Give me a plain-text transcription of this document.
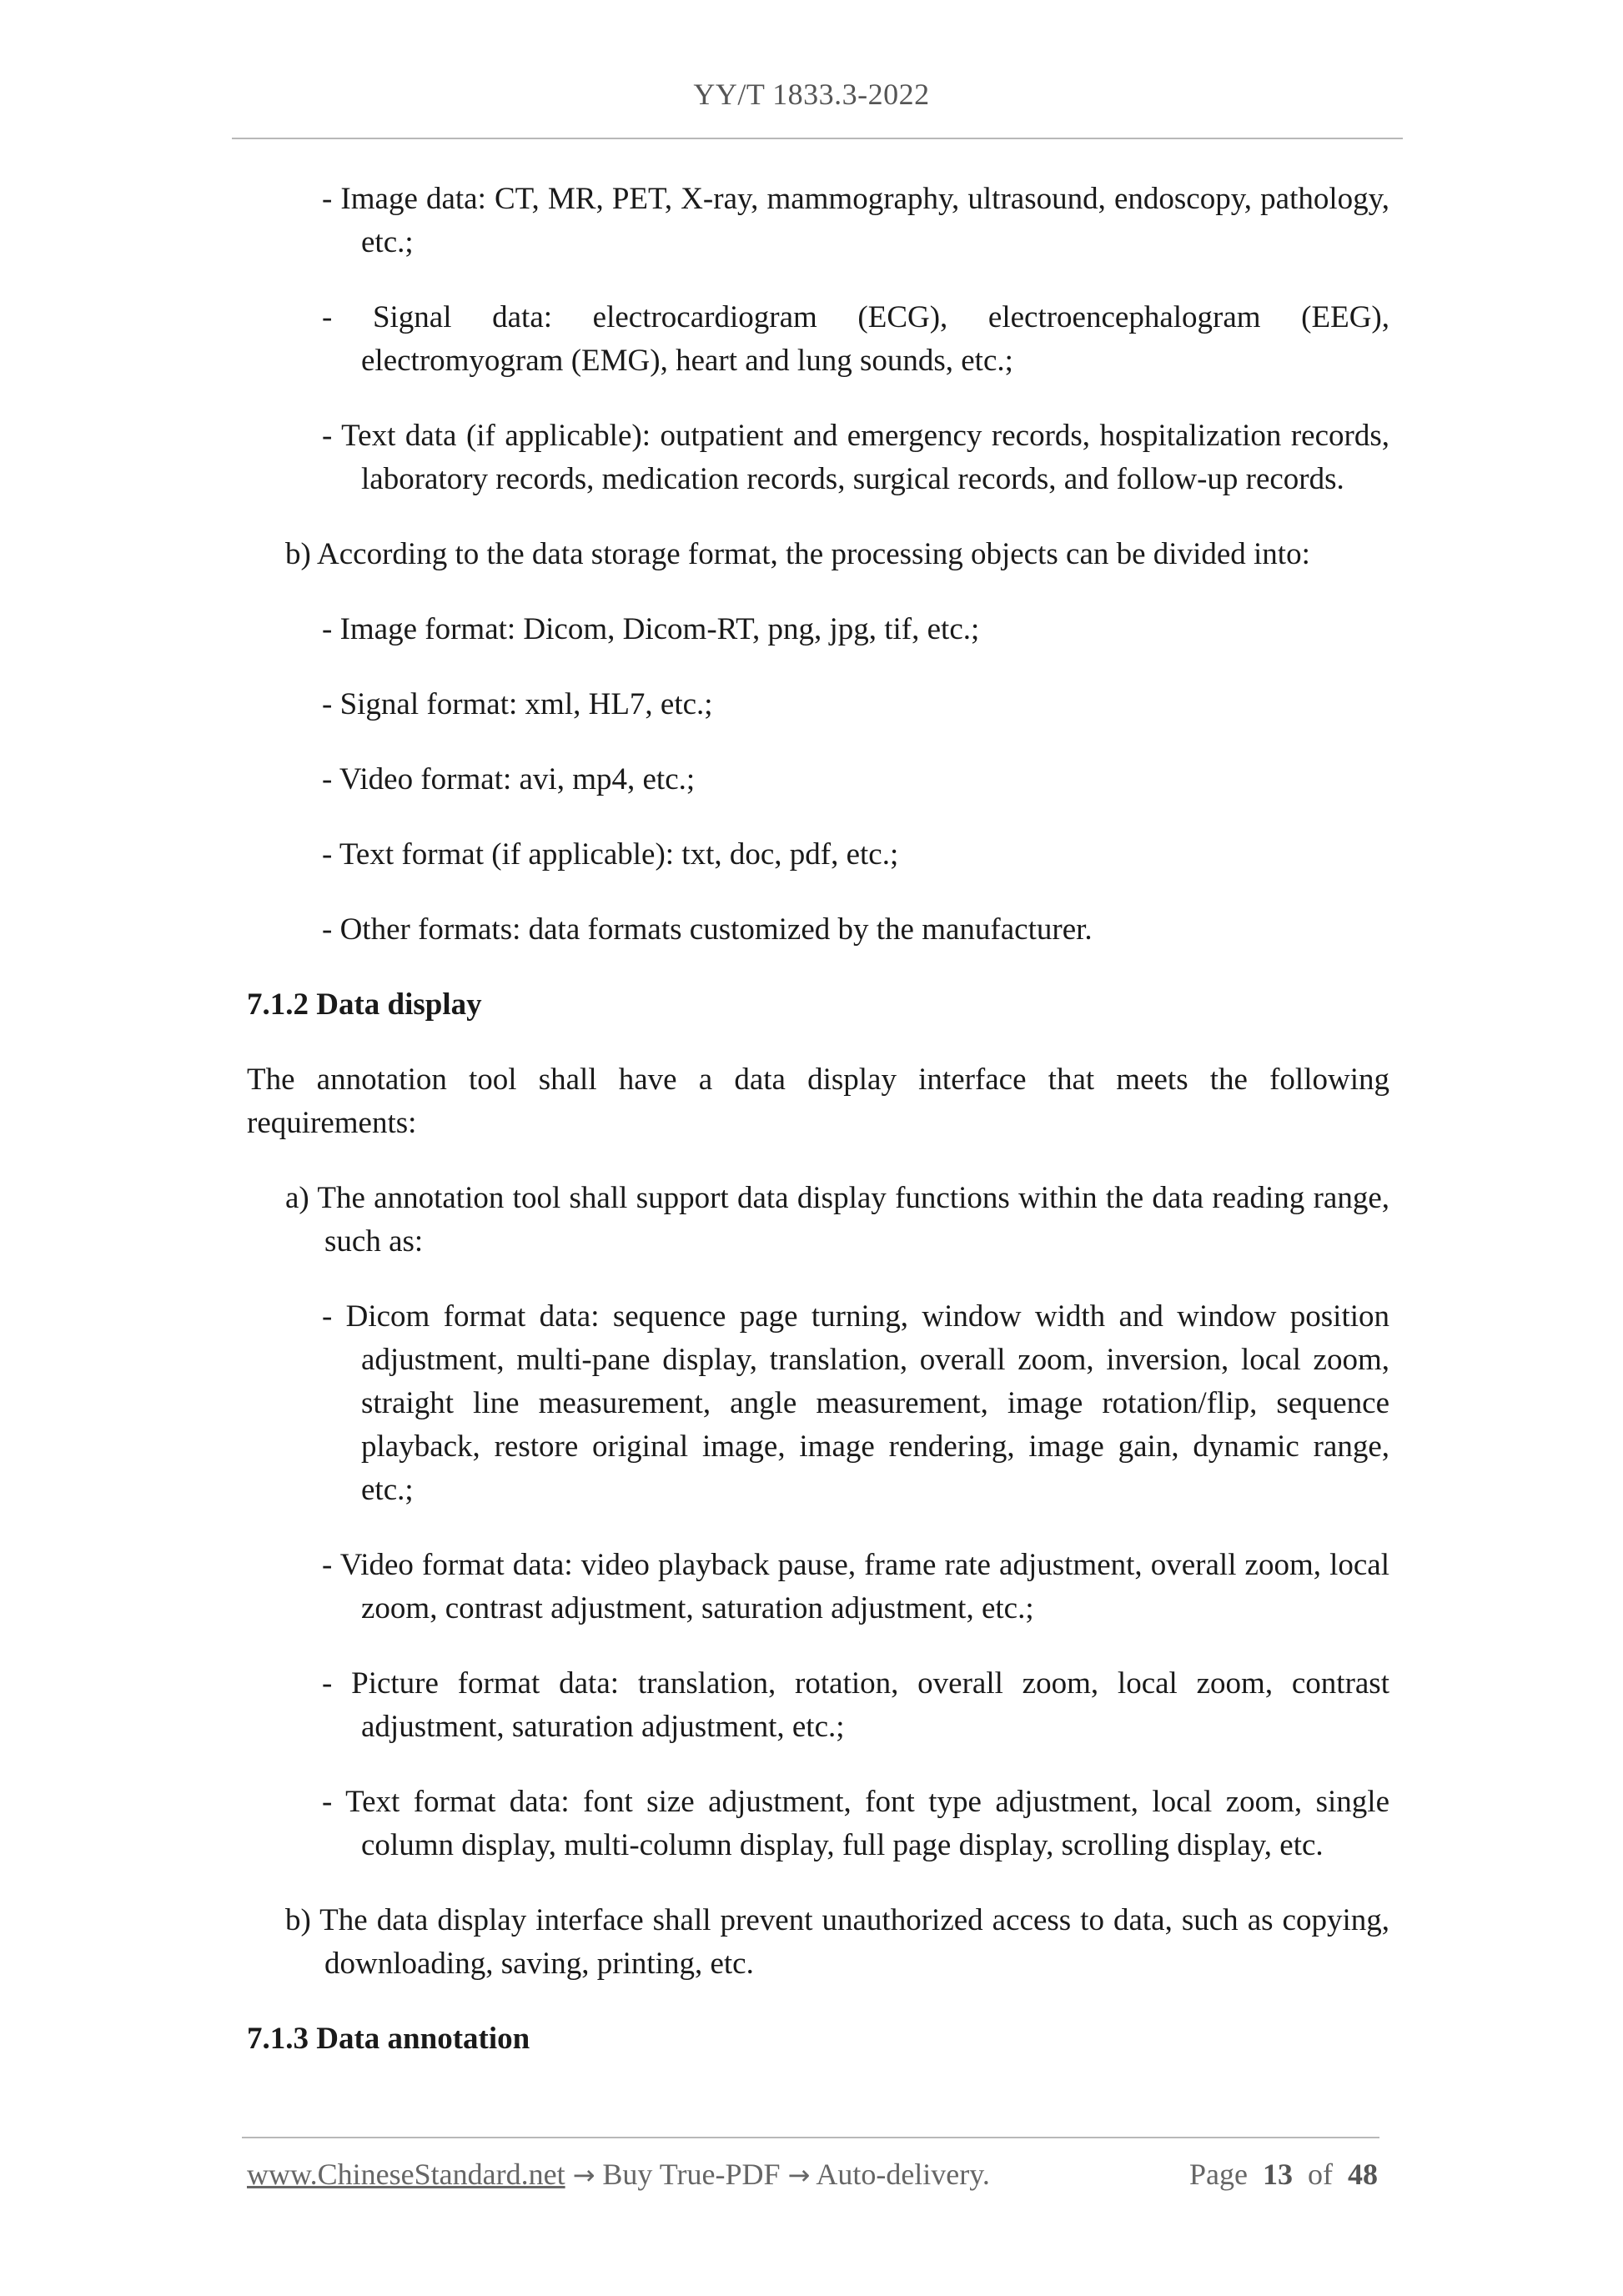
YY/T 1833.3-2022

- Image data: CT, MR, PET, X-ray, mammography, ultrasound, endoscopy, pathology, etc.;

- Signal data: electrocardiogram (ECG), electroencephalogram (EEG), electromyogram (EMG), heart and lung sounds, etc.;

- Text data (if applicable): outpatient and emergency records, hospitalization records, laboratory records, medication records, surgical records, and follow-up records.

b) According to the data storage format, the processing objects can be divided into:

- Image format: Dicom, Dicom-RT, png, jpg, tif, etc.;

- Signal format: xml, HL7, etc.;

- Video format: avi, mp4, etc.;

- Text format (if applicable): txt, doc, pdf, etc.;

- Other formats: data formats customized by the manufacturer.

7.1.2 Data display

The annotation tool shall have a data display interface that meets the following requirements:

a) The annotation tool shall support data display functions within the data reading range, such as:

- Dicom format data: sequence page turning, window width and window position adjustment, multi-pane display, translation, overall zoom, inversion, local zoom, straight line measurement, angle measurement, image rotation/flip, sequence playback, restore original image, image rendering, image gain, dynamic range, etc.;

- Video format data: video playback pause, frame rate adjustment, overall zoom, local zoom, contrast adjustment, saturation adjustment, etc.;

- Picture format data: translation, rotation, overall zoom, local zoom, contrast adjustment, saturation adjustment, etc.;

- Text format data: font size adjustment, font type adjustment, local zoom, single column display, multi-column display, full page display, scrolling display, etc.

b) The data display interface shall prevent unauthorized access to data, such as copying, downloading, saving, printing, etc.

7.1.3 Data annotation

www.ChineseStandard.net → Buy True-PDF → Auto-delivery.	Page 13 of 48
